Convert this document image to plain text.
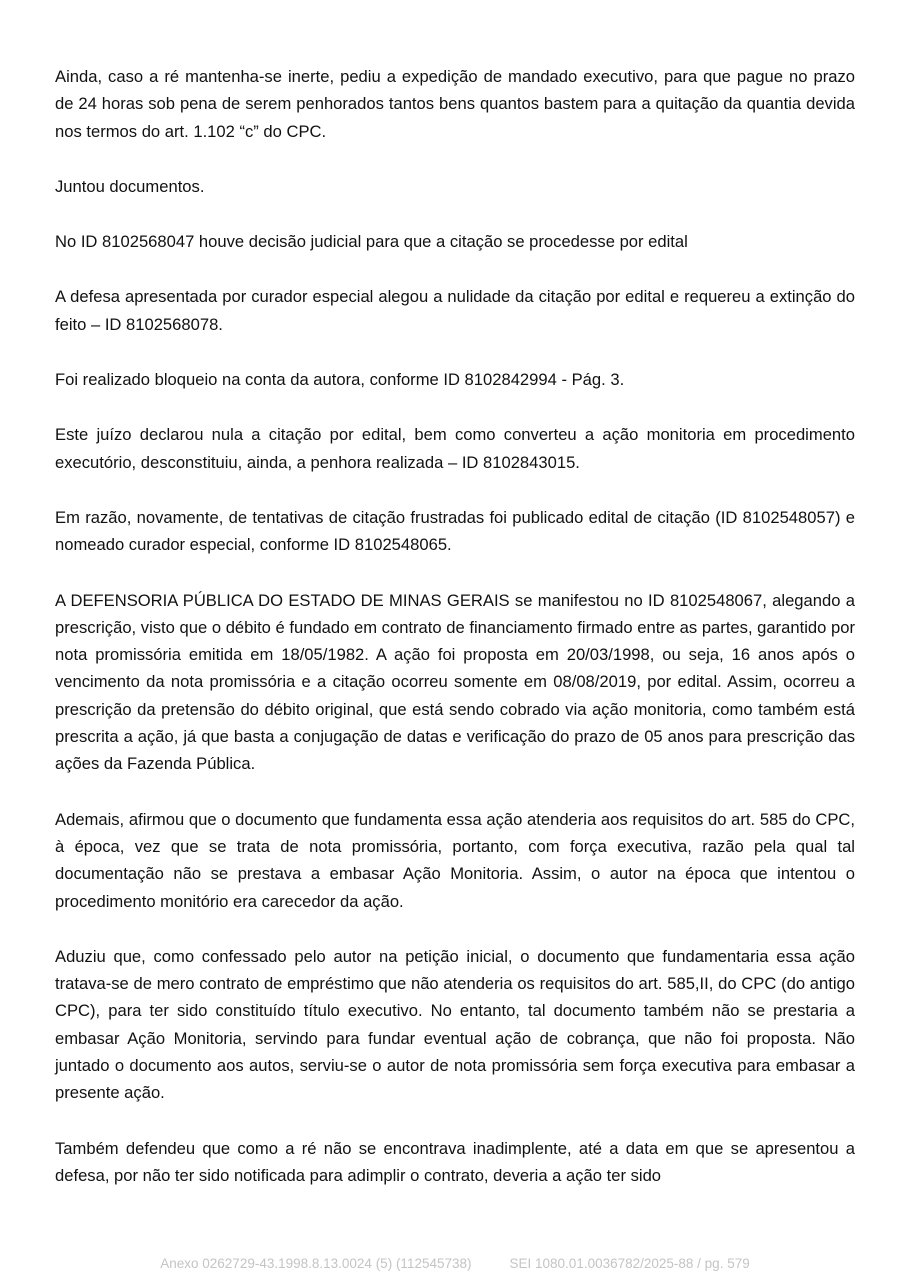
Ainda, caso a ré mantenha-se inerte, pediu a expedição de mandado executivo, para que pague no prazo de 24 horas sob pena de serem penhorados tantos bens quantos bastem para a quitação da quantia devida nos termos do art. 1.102 “c” do CPC.

Juntou documentos.

No ID 8102568047 houve decisão judicial para que a citação se procedesse por edital

A defesa apresentada por curador especial alegou a nulidade da citação por edital e requereu a extinção do feito – ID 8102568078.

Foi realizado bloqueio na conta da autora, conforme ID 8102842994 - Pág. 3.

Este juízo declarou nula a citação por edital, bem como converteu a ação monitoria em procedimento executório, desconstituiu, ainda, a penhora realizada – ID 8102843015.

Em razão, novamente, de tentativas de citação frustradas foi publicado edital de citação (ID 8102548057) e nomeado curador especial, conforme ID 8102548065.

A DEFENSORIA PÚBLICA DO ESTADO DE MINAS GERAIS se manifestou no ID 8102548067, alegando a prescrição, visto que o débito é fundado em contrato de financiamento firmado entre as partes, garantido por nota promissória emitida em 18/05/1982. A ação foi proposta em 20/03/1998, ou seja, 16 anos após o vencimento da nota promissória e a citação ocorreu somente em 08/08/2019, por edital. Assim, ocorreu a prescrição da pretensão do débito original, que está sendo cobrado via ação monitoria, como também está prescrita a ação, já que basta a conjugação de datas e verificação do prazo de 05 anos para prescrição das ações da Fazenda Pública.

Ademais, afirmou que o documento que fundamenta essa ação atenderia aos requisitos do art. 585 do CPC, à época, vez que se trata de nota promissória, portanto, com força executiva, razão pela qual tal documentação não se prestava a embasar Ação Monitoria. Assim, o autor na época que intentou o procedimento monitório era carecedor da ação.

Aduziu que, como confessado pelo autor na petição inicial, o documento que fundamentaria essa ação tratava-se de mero contrato de empréstimo que não atenderia os requisitos do art. 585,II, do CPC (do antigo CPC), para ter sido constituído título executivo. No entanto, tal documento também não se prestaria a embasar Ação Monitoria, servindo para fundar eventual ação de cobrança, que não foi proposta. Não juntado o documento aos autos, serviu-se o autor de nota promissória sem força executiva para embasar a presente ação.

Também defendeu que como a ré não se encontrava inadimplente, até a data em que se apresentou a defesa, por não ter sido notificada para adimplir o contrato, deveria a ação ter sido

Anexo 0262729-43.1998.8.13.0024 (5) (112545738)	SEI 1080.01.0036782/2025-88 / pg. 579
